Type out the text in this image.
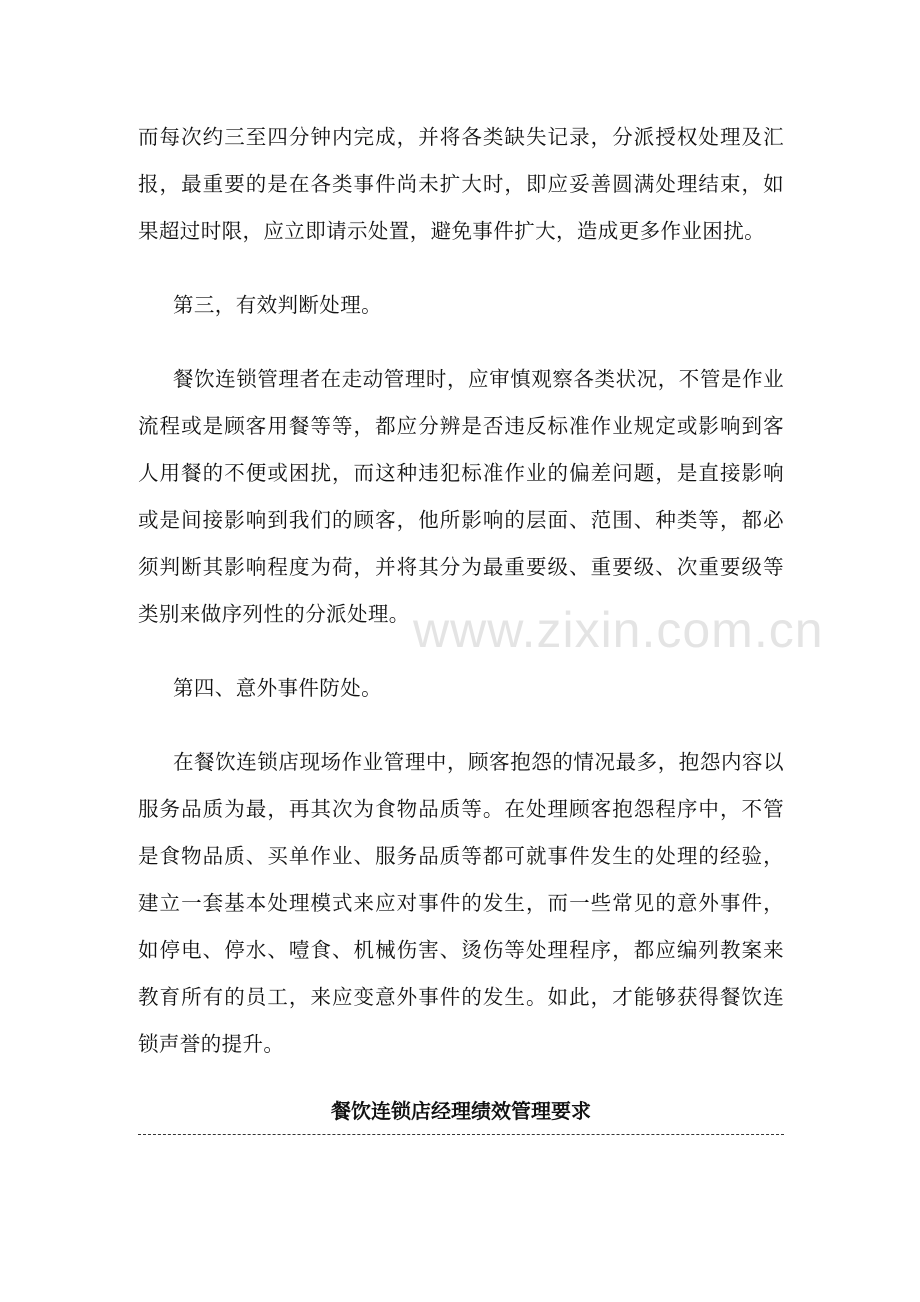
而每次约三至四分钟内完成，并将各类缺失记录，分派授权处理及汇报，最重要的是在各类事件尚未扩大时，即应妥善圆满处理结束，如果超过时限，应立即请示处置，避免事件扩大，造成更多作业困扰。

第三，有效判断处理。

餐饮连锁管理者在走动管理时，应审慎观察各类状况，不管是作业流程或是顾客用餐等等，都应分辨是否违反标准作业规定或影响到客人用餐的不便或困扰，而这种违犯标准作业的偏差问题，是直接影响或是间接影响到我们的顾客，他所影响的层面、范围、种类等，都必须判断其影响程度为荷，并将其分为最重要级、重要级、次重要级等类别来做序列性的分派处理。

第四、意外事件防处。

在餐饮连锁店现场作业管理中，顾客抱怨的情况最多，抱怨内容以服务品质为最，再其次为食物品质等。在处理顾客抱怨程序中，不管是食物品质、买单作业、服务品质等都可就事件发生的处理的经验，建立一套基本处理模式来应对事件的发生，而一些常见的意外事件，如停电、停水、噎食、机械伤害、烫伤等处理程序，都应编列教案来教育所有的员工，来应变意外事件的发生。如此，才能够获得餐饮连锁声誉的提升。

www.zixin.com.cn
餐饮连锁店经理绩效管理要求
